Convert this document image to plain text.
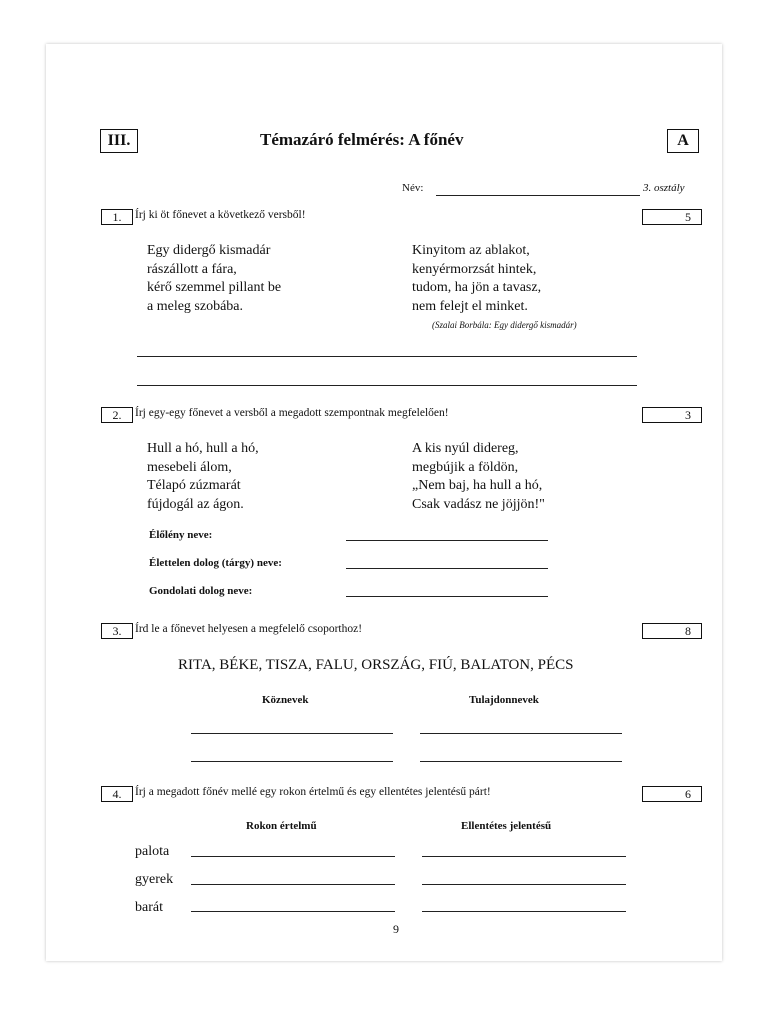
III.	Témazáró felmérés: A főnév	A
Név:	3. osztály
1.	Írj ki öt főnevet a következő versből!	5
Egy didergő kismadár
rászállott a fára,
kérő szemmel pillant be
a meleg szobába.
Kinyitom az ablakot,
kenyérmorzsát hintek,
tudom, ha jön a tavasz,
nem felejt el minket.
(Szalai Borbála: Egy didergő kismadár)
2.	Írj egy-egy főnevet a versből a megadott szempontnak megfelelően!	3
Hull a hó, hull a hó,
mesebeli álom,
Télapó zúzmarát
fújdogál az ágon.
A kis nyúl didereg,
megbújik a földön,
„Nem baj, ha hull a hó,
Csak vadász ne jöjjön!"
Élőlény neve:
Élettelen dolog (tárgy) neve:
Gondolati dolog neve:
3.	Írd le a főnevet helyesen a megfelelő csoporthoz!	8
RITA, BÉKE, TISZA, FALU, ORSZÁG, FIÚ, BALATON, PÉCS
Köznevek	Tulajdonnevek
4.	Írj a megadott főnév mellé egy rokon értelmű és egy ellentétes jelentésű párt!	6
Rokon értelmű	Ellentétes jelentésű
palota
gyerek
barát
9
